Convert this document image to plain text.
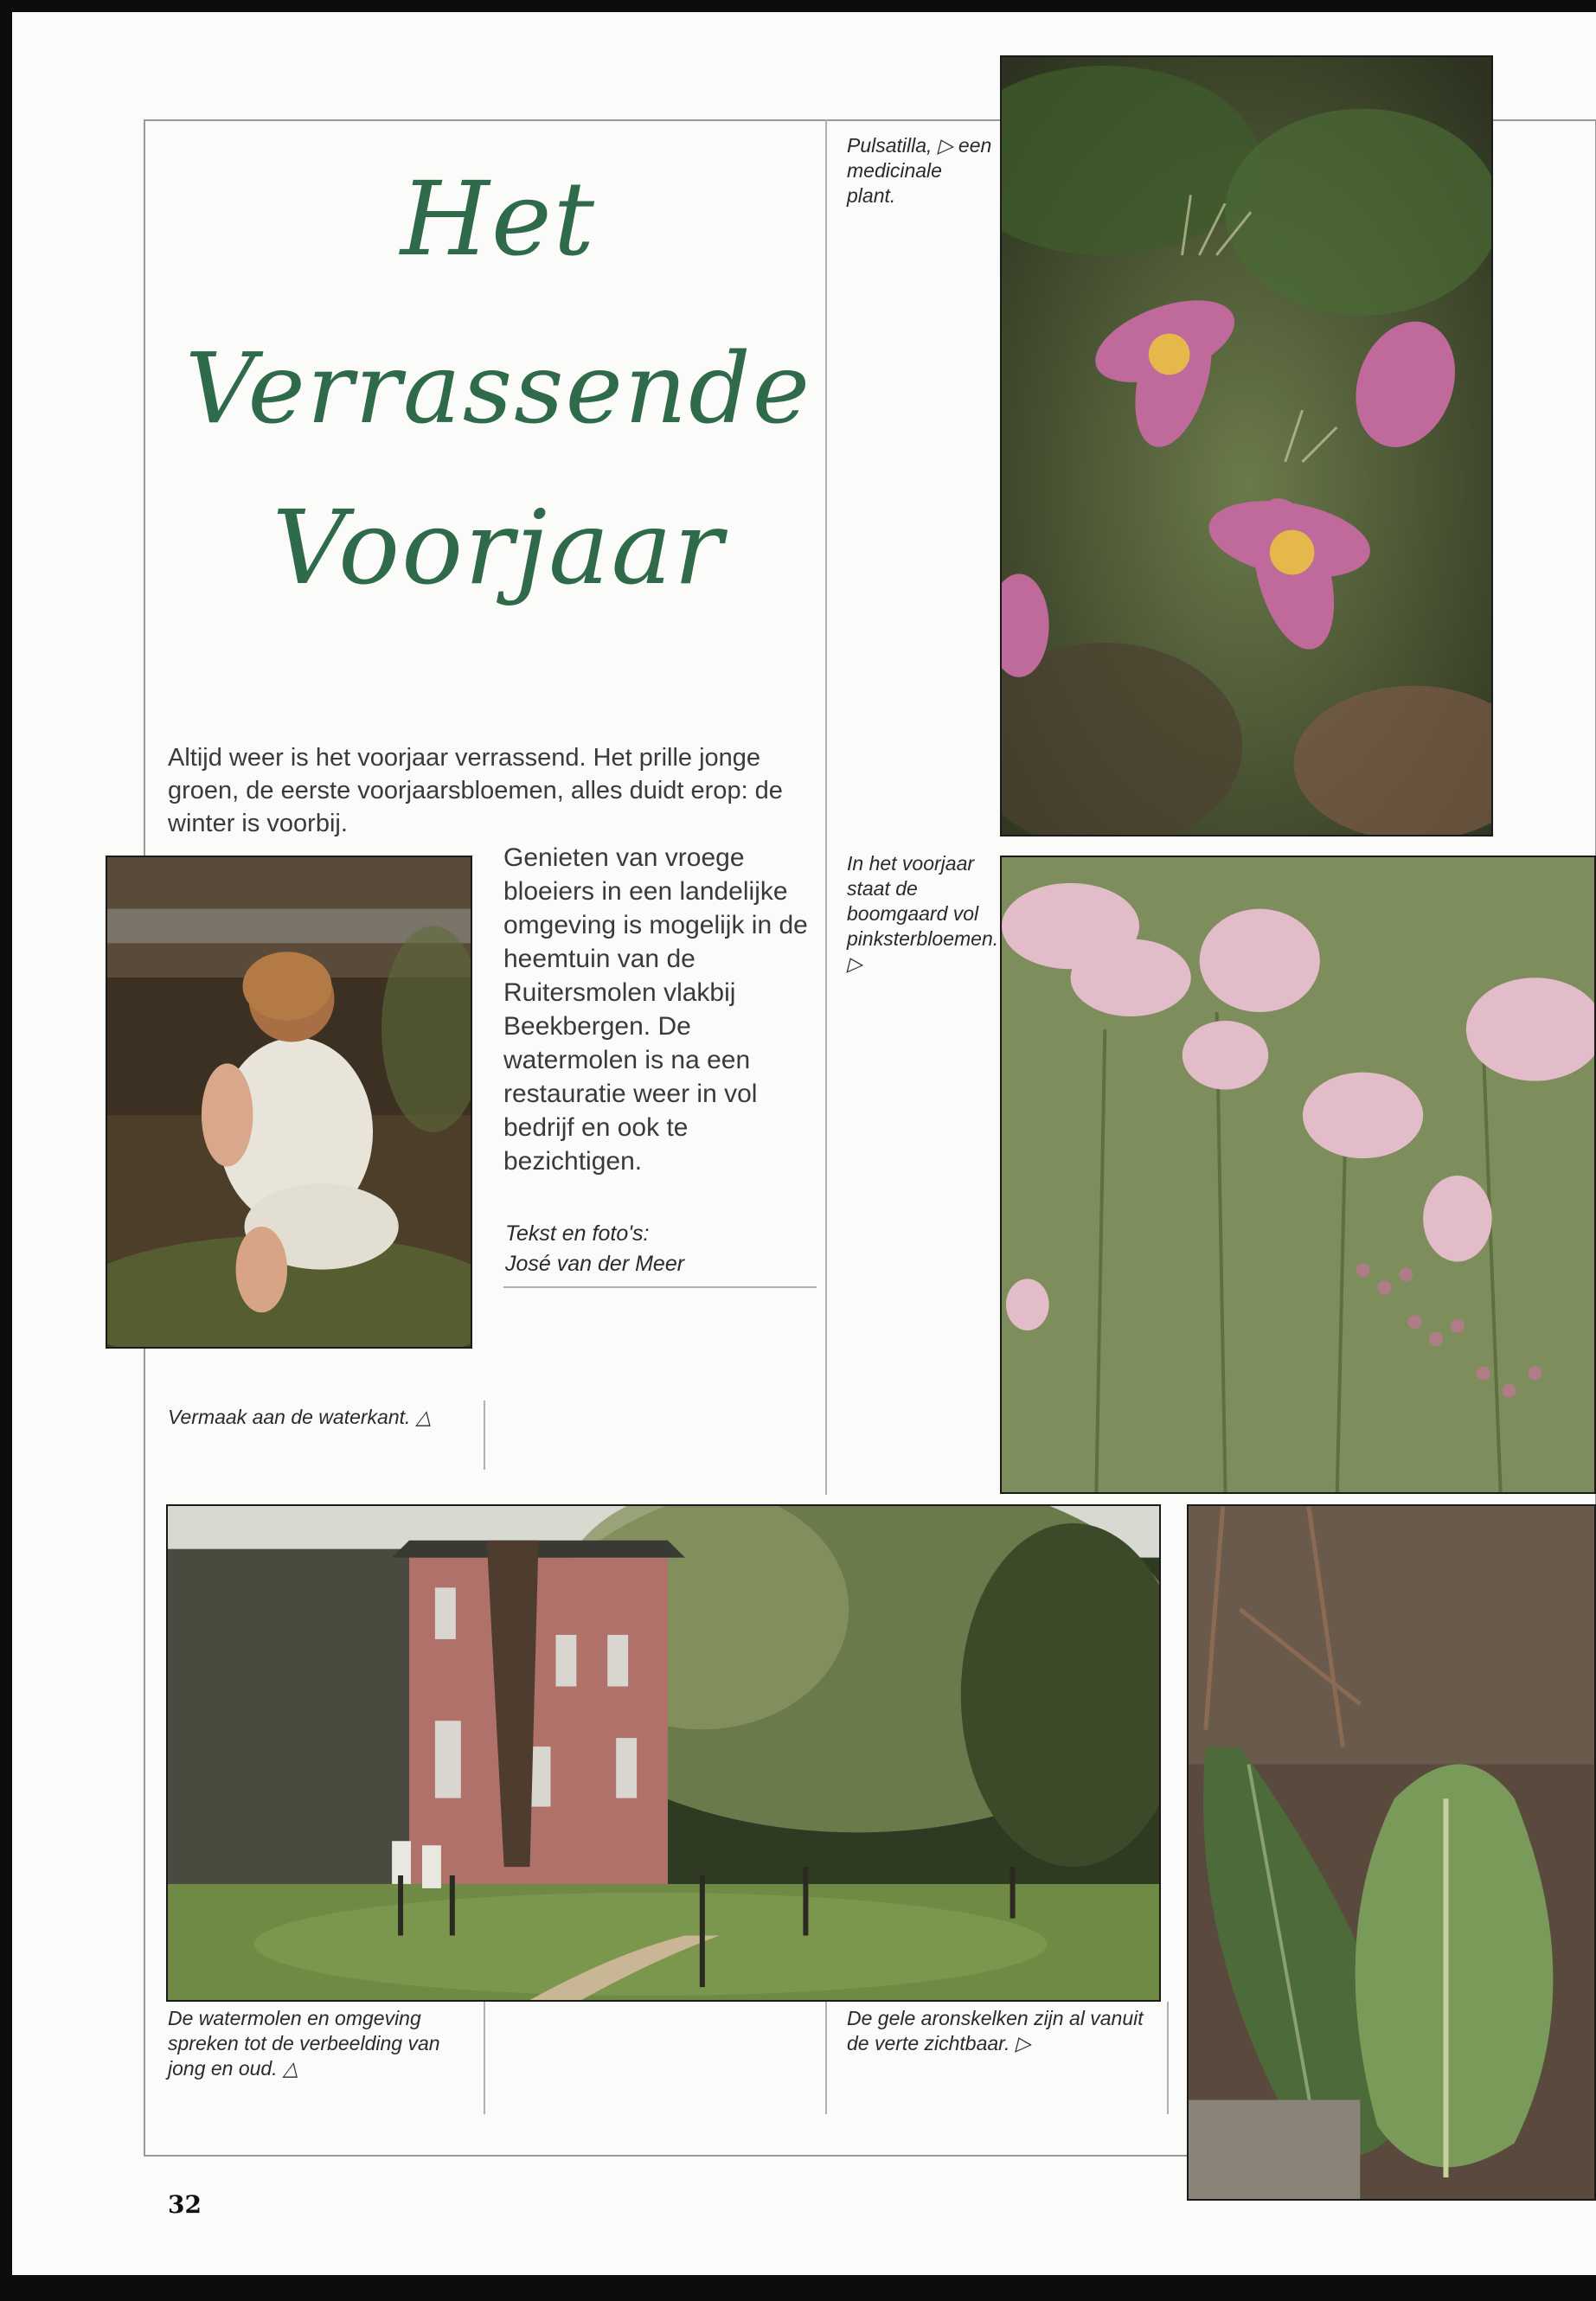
Het
Verrassende
Voorjaar
Altijd weer is het voorjaar verrassend. Het prille jonge groen, de eerste voorjaarsbloemen, alles duidt erop: de winter is voorbij.
Genieten van vroege bloeiers in een landelijke omgeving is mogelijk in de heemtuin van de Ruitersmolen vlakbij Beekbergen. De watermolen is na een restauratie weer in vol bedrijf en ook te bezichtigen.
Tekst en foto's:
José van der Meer
Pulsatilla, ▷ een medicinale plant.
In het voorjaar staat de boomgaard vol pinksterbloemen. ▷
Vermaak aan de waterkant. △
De watermolen en omgeving spreken tot de verbeelding van jong en oud. △
De gele aronskelken zijn al vanuit de verte zichtbaar. ▷
32
